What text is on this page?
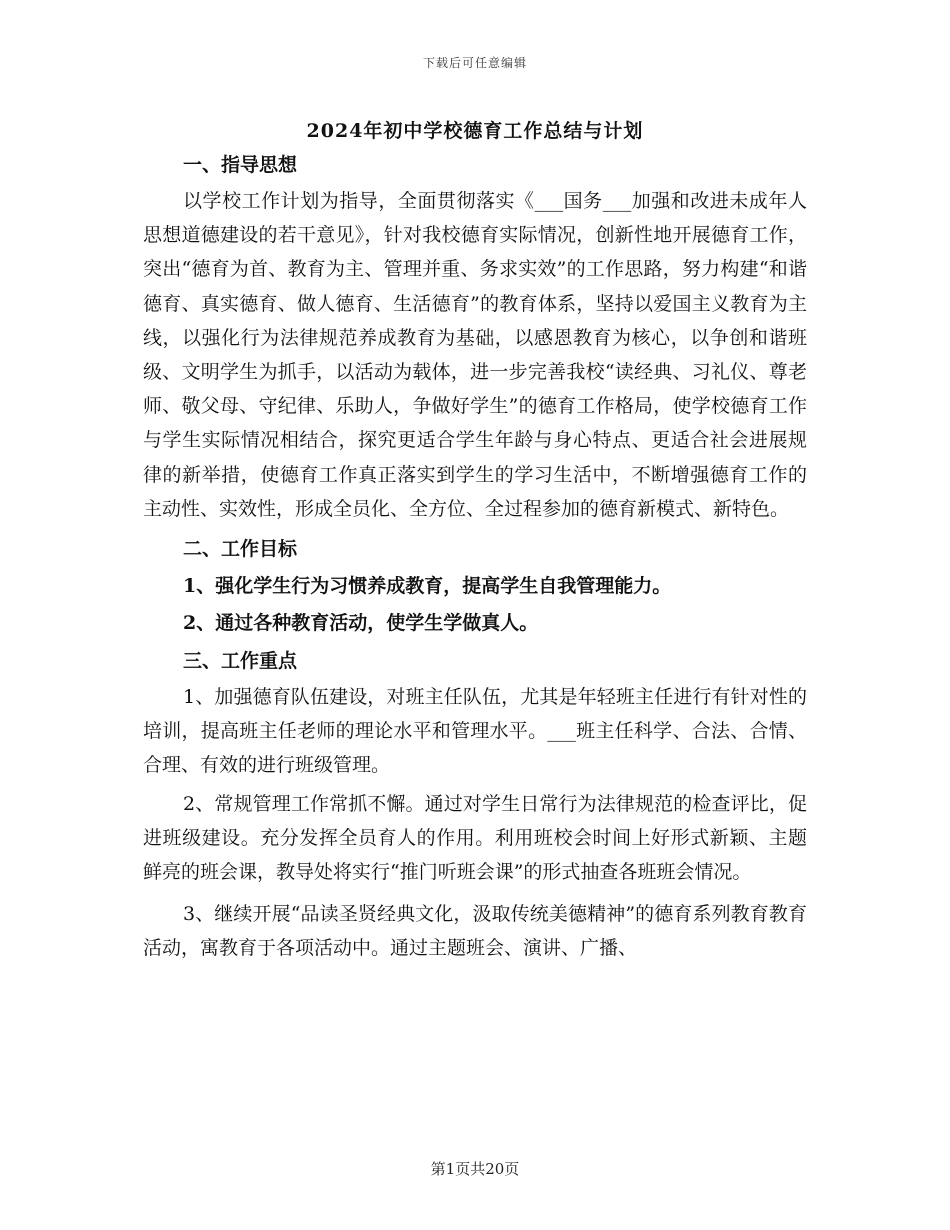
下载后可任意编辑
2024年初中学校德育工作总结与计划

一、指导思想

以学校工作计划为指导，全面贯彻落实《___国务___加强和改进未成年人思想道德建设的若干意见》，针对我校德育实际情况，创新性地开展德育工作，突出“德育为首、教育为主、管理并重、务求实效”的工作思路，努力构建“和谐德育、真实德育、做人德育、生活德育”的教育体系，坚持以爱国主义教育为主线，以强化行为法律规范养成教育为基础，以感恩教育为核心，以争创和谐班级、文明学生为抓手，以活动为载体，进一步完善我校“读经典、习礼仪、尊老师、敬父母、守纪律、乐助人，争做好学生”的德育工作格局，使学校德育工作与学生实际情况相结合，探究更适合学生年龄与身心特点、更适合社会进展规律的新举措，使德育工作真正落实到学生的学习生活中，不断增强德育工作的主动性、实效性，形成全员化、全方位、全过程参加的德育新模式、新特色。

二、工作目标

1、强化学生行为习惯养成教育，提高学生自我管理能力。

2、通过各种教育活动，使学生学做真人。

三、工作重点

1、加强德育队伍建设，对班主任队伍，尤其是年轻班主任进行有针对性的培训，提高班主任老师的理论水平和管理水平。___班主任科学、合法、合情、合理、有效的进行班级管理。

2、常规管理工作常抓不懈。通过对学生日常行为法律规范的检查评比，促进班级建设。充分发挥全员育人的作用。利用班校会时间上好形式新颖、主题鲜亮的班会课，教导处将实行“推门听班会课”的形式抽查各班班会情况。

3、继续开展“品读圣贤经典文化，汲取传统美德精神”的德育系列教育教育活动，寓教育于各项活动中。通过主题班会、演讲、广播、

第1页共20页
